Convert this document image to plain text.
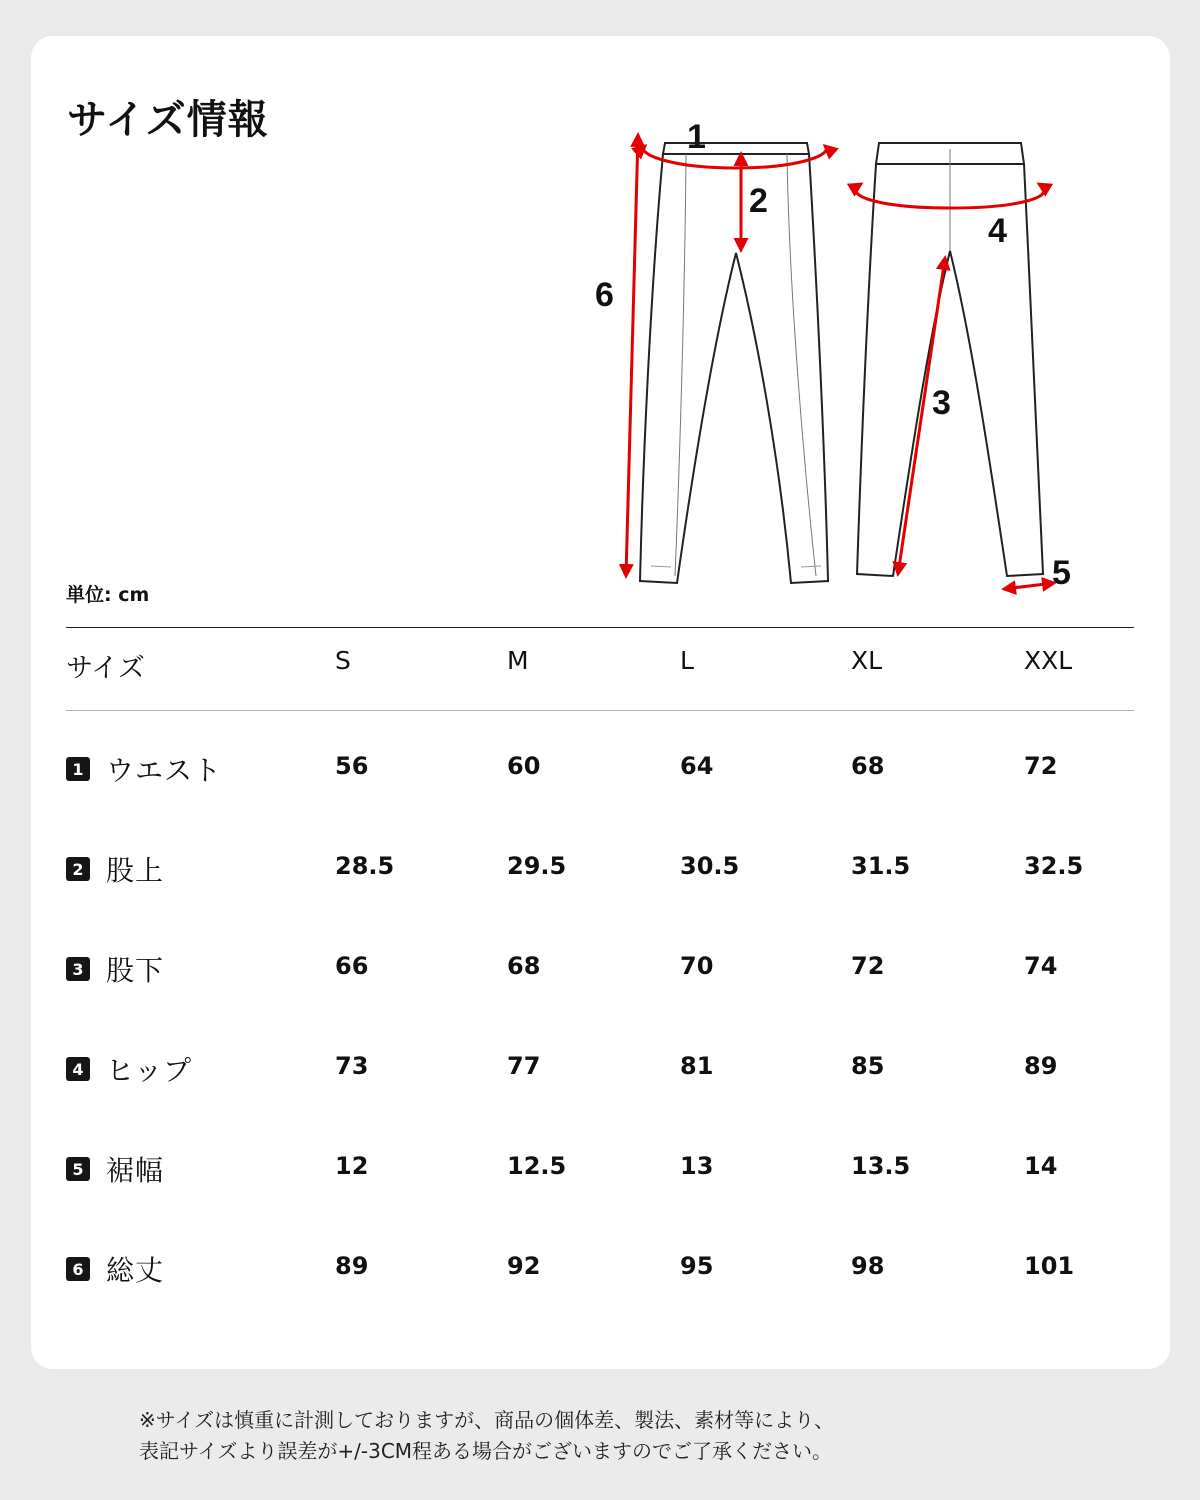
サイズ情報	1
2
3
4
5
6
単位: cm
サイズ	S	M	L	XL	XXL
1 ウエスト	56	60	64	68	72
2 股上	28.5	29.5	30.5	31.5	32.5
3 股下	66	68	70	72	74
4 ヒップ	73	77	81	85	89
5 裾幅	12	12.5	13	13.5	14
6 総丈	89	92	95	98	101
※サイズは慎重に計測しておりますが、商品の個体差、製法、素材等により、
表記サイズより誤差が+/-3CM程ある場合がございますのでご了承ください。
